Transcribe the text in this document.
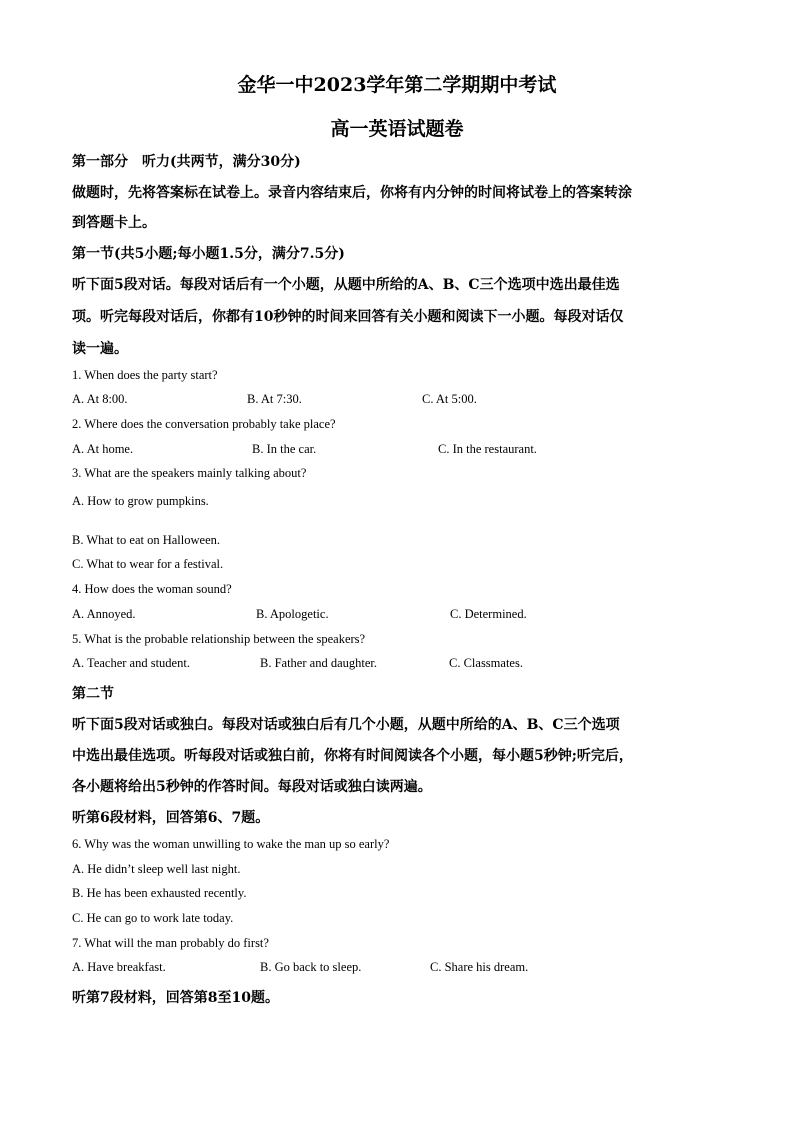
金华一中2023学年第二学期期中考试
高一英语试题卷
第一部分　听力(共两节，满分30分)
做题时，先将答案标在试卷上。录音内容结束后，你将有内分钟的时间将试卷上的答案转涂
到答题卡上。
第一节(共5小题;每小题1.5分，满分7.5分)
听下面5段对话。每段对话后有一个小题，从题中所给的A、B、C三个选项中选出最佳选
项。听完每段对话后，你都有10秒钟的时间来回答有关小题和阅读下一小题。每段对话仅
读一遍。
1. When does the party start?
A. At 8:00.	B. At 7:30.	C. At 5:00.
2. Where does the conversation probably take place?
A. At home.	B. In the car.	C. In the restaurant.
3. What are the speakers mainly talking about?
A. How to grow pumpkins.
B. What to eat on Halloween.
C. What to wear for a festival.
4. How does the woman sound?
A. Annoyed.	B. Apologetic.	C. Determined.
5. What is the probable relationship between the speakers?
A. Teacher and student.	B. Father and daughter.	C. Classmates.
第二节
听下面5段对话或独白。每段对话或独白后有几个小题，从题中所给的A、B、C三个选项
中选出最佳选项。听每段对话或独白前，你将有时间阅读各个小题，每小题5秒钟;听完后，
各小题将给出5秒钟的作答时间。每段对话或独白读两遍。
听第6段材料，回答第6、7题。
6. Why was the woman unwilling to wake the man up so early?
A. He didn’t sleep well last night.
B. He has been exhausted recently.
C. He can go to work late today.
7. What will the man probably do first?
A. Have breakfast.	B. Go back to sleep.	C. Share his dream.
听第7段材料，回答第8至10题。
